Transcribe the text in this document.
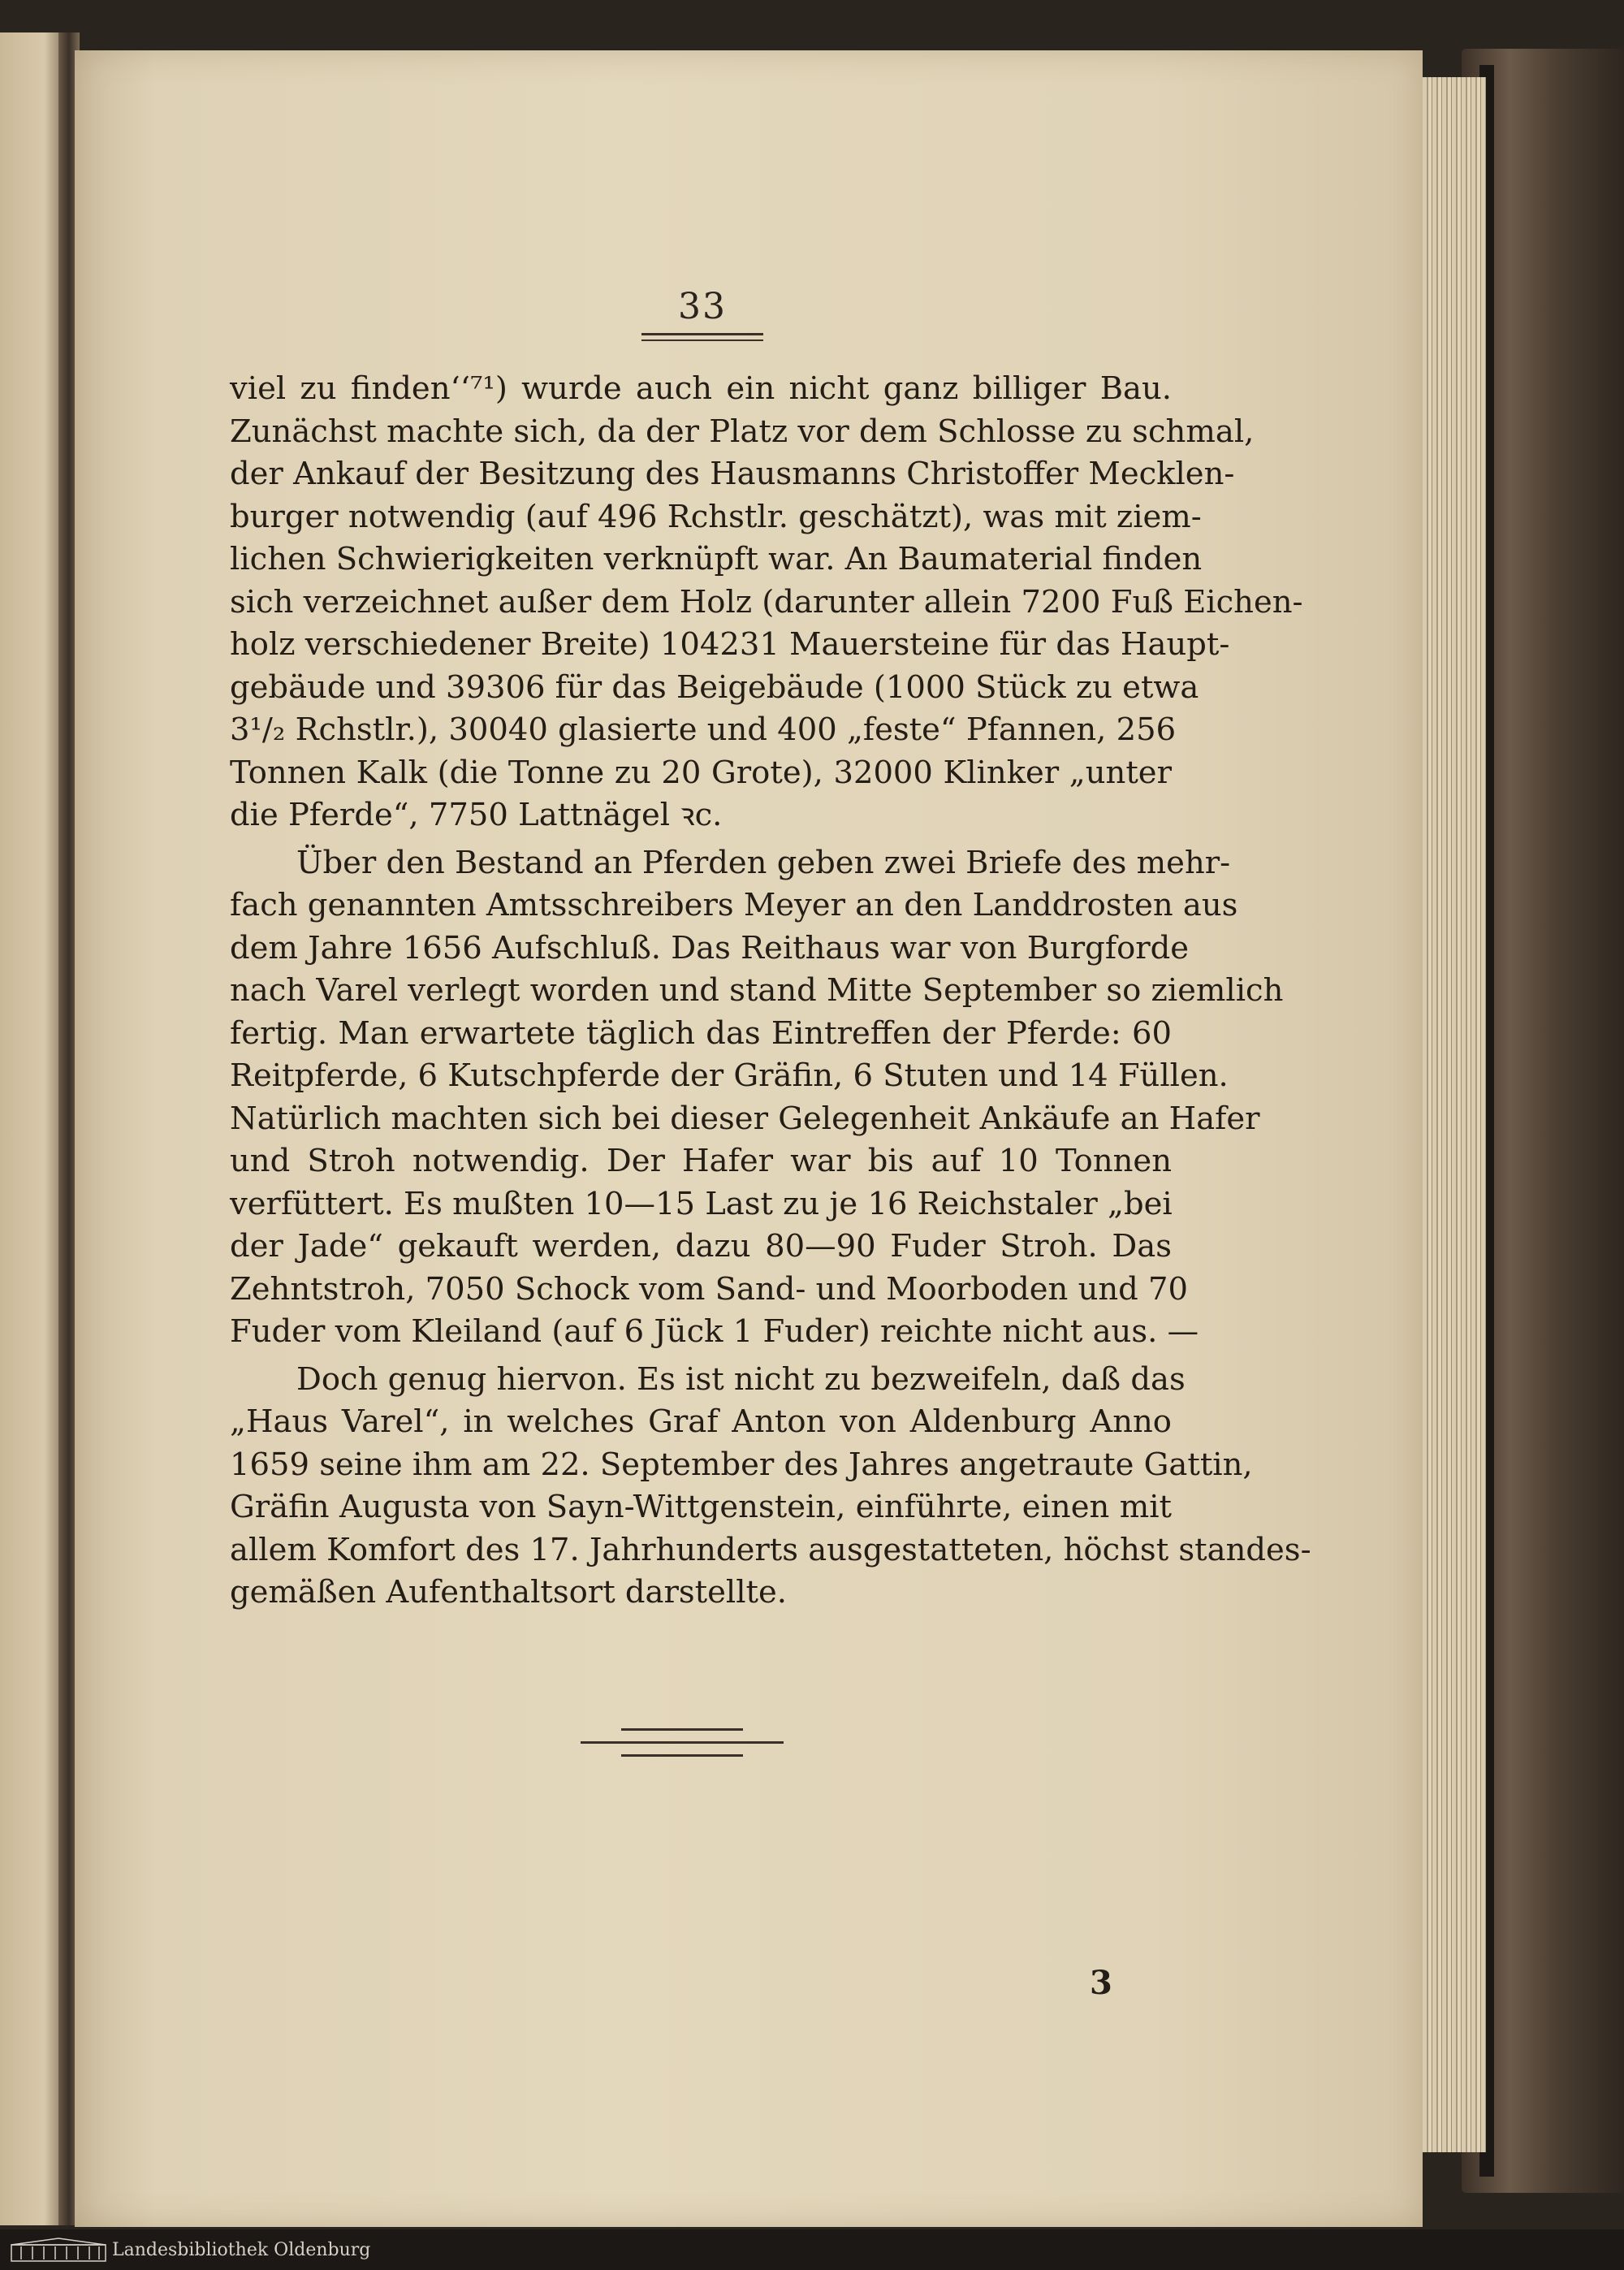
33
viel zu finden‘‘⁷¹) wurde auch ein nicht ganz billiger Bau.
Zunächst machte sich, da der Platz vor dem Schlosse zu schmal,
der Ankauf der Besitzung des Hausmanns Christoffer Mecklen-
burger notwendig (auf 496 Rchstlr. geschätzt), was mit ziem-
lichen Schwierigkeiten verknüpft war. An Baumaterial finden
sich verzeichnet außer dem Holz (darunter allein 7200 Fuß Eichen-
holz verschiedener Breite) 104231 Mauersteine für das Haupt-
gebäude und 39306 für das Beigebäude (1000 Stück zu etwa
3¹/₂ Rchstlr.), 30040 glasierte und 400 „feste“ Pfannen, 256
Tonnen Kalk (die Tonne zu 20 Grote), 32000 Klinker „unter
die Pferde“, 7750 Lattnägel ꝛc.
Über den Bestand an Pferden geben zwei Briefe des mehr-
fach genannten Amtsschreibers Meyer an den Landdrosten aus
dem Jahre 1656 Aufschluß. Das Reithaus war von Burgforde
nach Varel verlegt worden und stand Mitte September so ziemlich
fertig. Man erwartete täglich das Eintreffen der Pferde: 60
Reitpferde, 6 Kutschpferde der Gräfin, 6 Stuten und 14 Füllen.
Natürlich machten sich bei dieser Gelegenheit Ankäufe an Hafer
und Stroh notwendig. Der Hafer war bis auf 10 Tonnen
verfüttert. Es mußten 10—15 Last zu je 16 Reichstaler „bei
der Jade“ gekauft werden, dazu 80—90 Fuder Stroh. Das
Zehntstroh, 7050 Schock vom Sand- und Moorboden und 70
Fuder vom Kleiland (auf 6 Jück 1 Fuder) reichte nicht aus. —
Doch genug hiervon. Es ist nicht zu bezweifeln, daß das
„Haus Varel“, in welches Graf Anton von Aldenburg Anno
1659 seine ihm am 22. September des Jahres angetraute Gattin,
Gräfin Augusta von Sayn-Wittgenstein, einführte, einen mit
allem Komfort des 17. Jahrhunderts ausgestatteten, höchst standes-
gemäßen Aufenthaltsort darstellte.
3
Landesbibliothek Oldenburg
